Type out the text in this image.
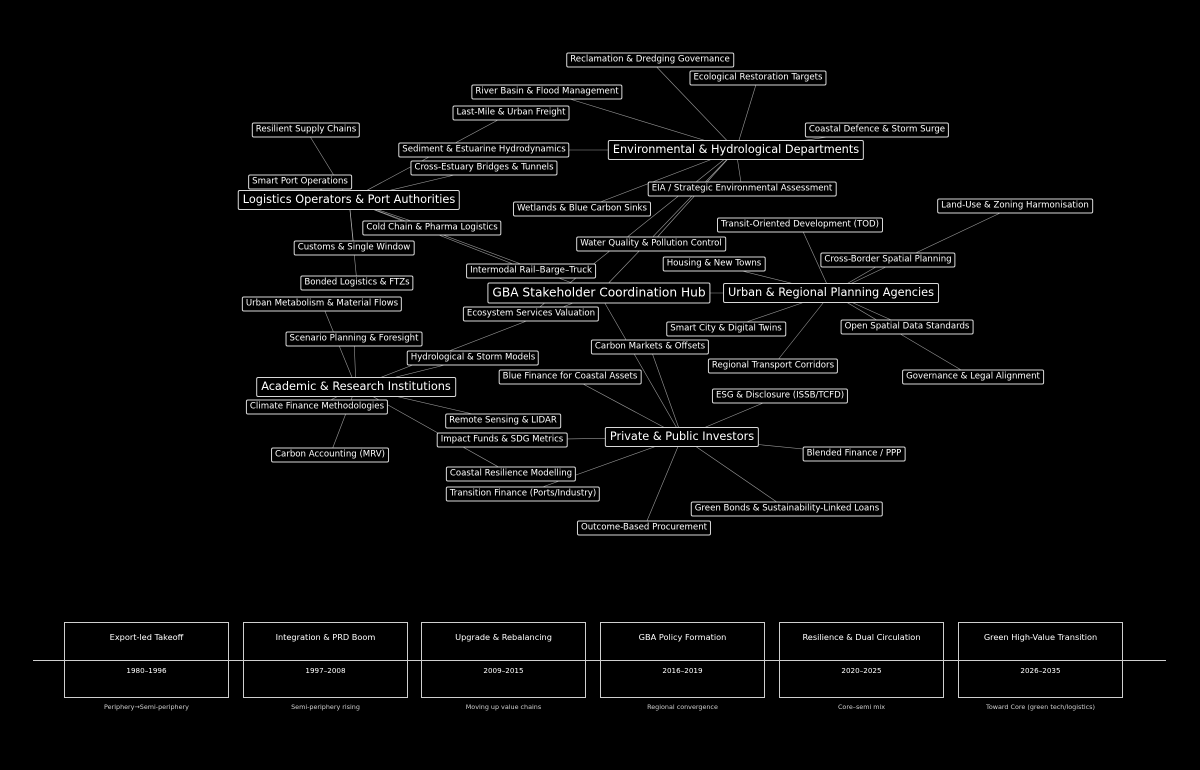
GBA Stakeholder Coordination Hub
Environmental & Hydrological Departments
Logistics Operators & Port Authorities
Urban & Regional Planning Agencies
Academic & Research Institutions
Private & Public Investors
Reclamation & Dredging Governance
Ecological Restoration Targets
River Basin & Flood Management
Coastal Defence & Storm Surge
Sediment & Estuarine Hydrodynamics
EIA / Strategic Environmental Assessment
Wetlands & Blue Carbon Sinks
Water Quality & Pollution Control
Ecosystem Services Valuation
Last-Mile & Urban Freight
Resilient Supply Chains
Smart Port Operations
Cross-Estuary Bridges & Tunnels
Cold Chain & Pharma Logistics
Customs & Single Window
Intermodal Rail–Barge–Truck
Bonded Logistics & FTZs
Land-Use & Zoning Harmonisation
Transit-Oriented Development (TOD)
Cross-Border Spatial Planning
Housing & New Towns
Smart City & Digital Twins	Open Spatial Data Standards
Regional Transport Corridors
Governance & Legal Alignment
Urban Metabolism & Material Flows
Scenario Planning & Foresight
Hydrological & Storm Models
Climate Finance Methodologies
Remote Sensing & LIDAR
Carbon Accounting (MRV)
Coastal Resilience Modelling
Carbon Markets & Offsets
Blue Finance for Coastal Assets
ESG & Disclosure (ISSB/TCFD)
Impact Funds & SDG Metrics
Blended Finance / PPP
Transition Finance (Ports/Industry)
Green Bonds & Sustainability-Linked Loans
Outcome-Based Procurement
Export-led Takeoff
1980–1996
Periphery→Semi-periphery
Integration & PRD Boom
1997–2008
Semi-periphery rising
Upgrade & Rebalancing
2009–2015
Moving up value chains
GBA Policy Formation
2016–2019
Regional convergence
Resilience & Dual Circulation
2020–2025
Core–semi mix
Green High-Value Transition
2026–2035
Toward Core (green tech/logistics)
